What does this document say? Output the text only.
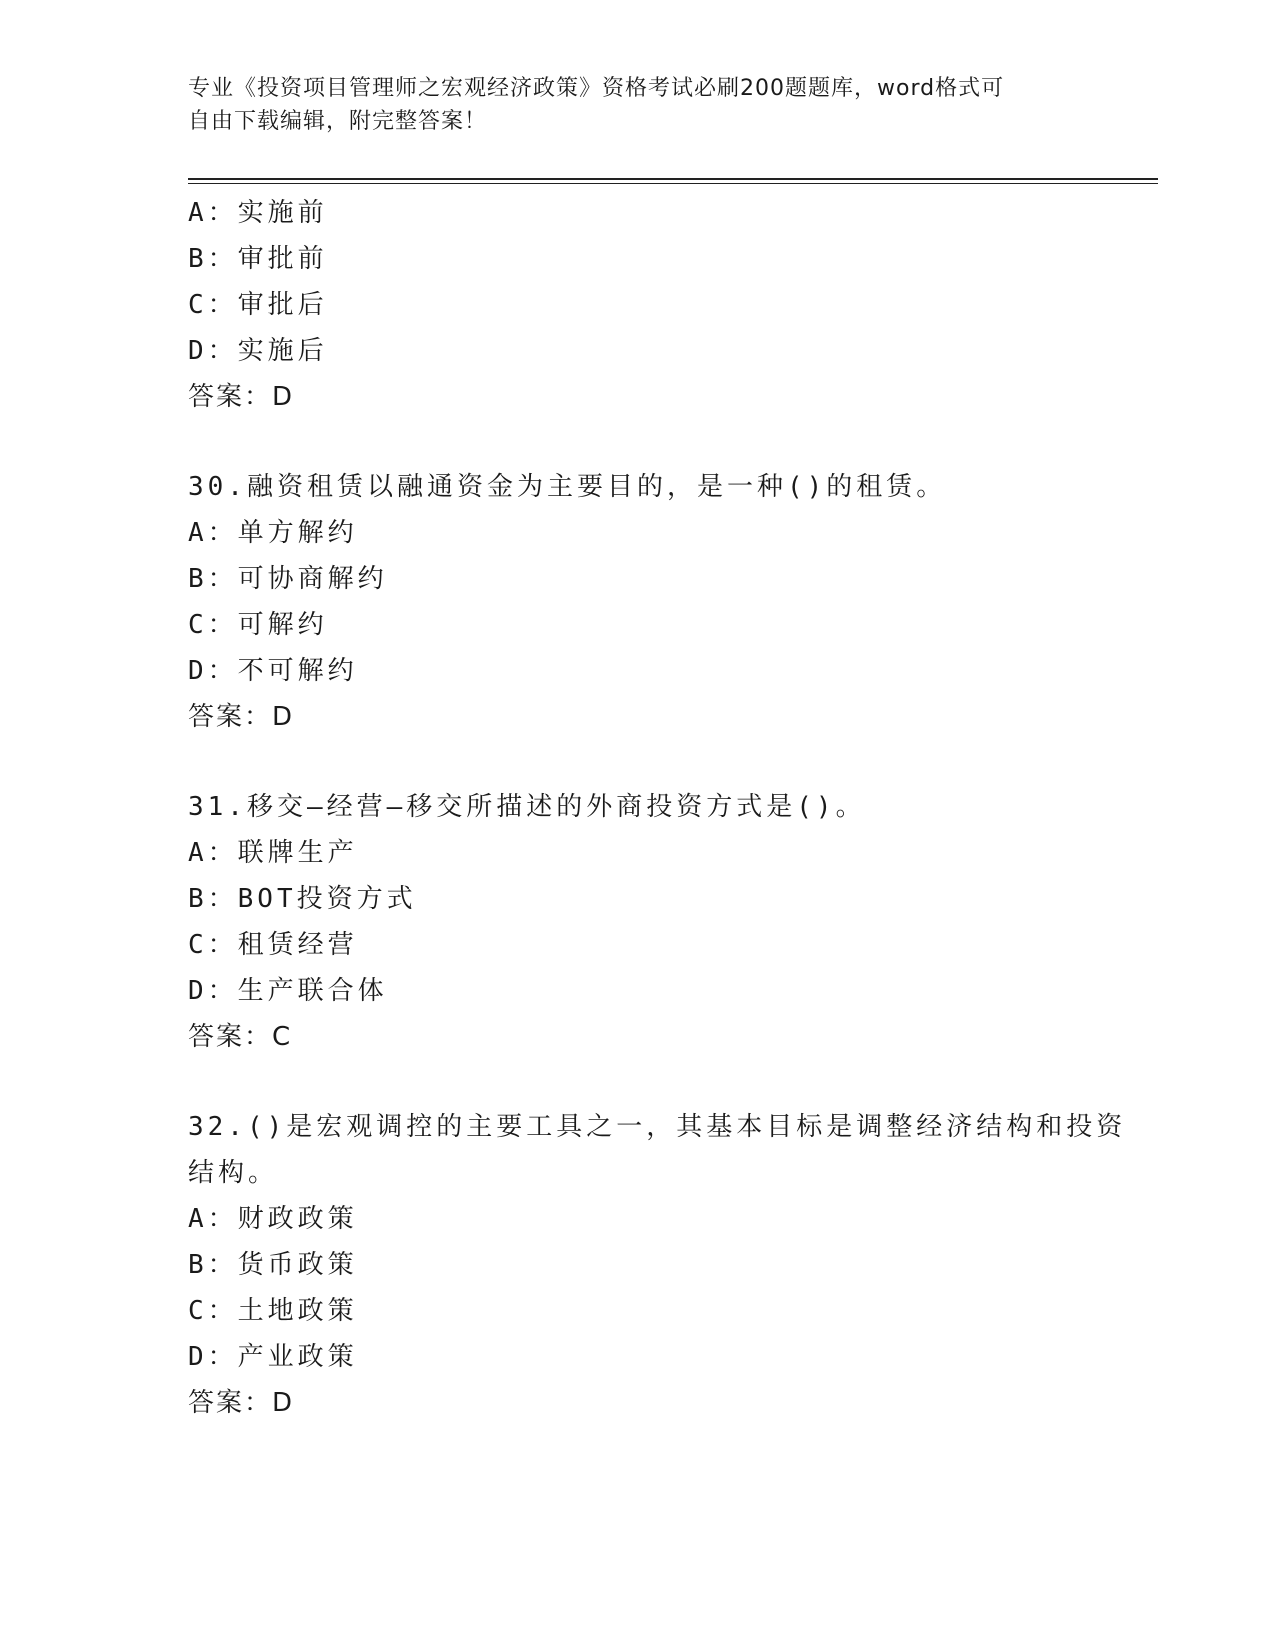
专业《投资项目管理师之宏观经济政策》资格考试必刷200题题库，word格式可
自由下载编辑，附完整答案！
A：实施前
B：审批前
C：审批后
D：实施后
答案：D
30.融资租赁以融通资金为主要目的，是一种()的租赁。
A：单方解约
B：可协商解约
C：可解约
D：不可解约
答案：D
31.移交—经营—移交所描述的外商投资方式是()。
A：联牌生产
B：BOT投资方式
C：租赁经营
D：生产联合体
答案：C
32.()是宏观调控的主要工具之一，其基本目标是调整经济结构和投资
结构。
A：财政政策
B：货币政策
C：土地政策
D：产业政策
答案：D
